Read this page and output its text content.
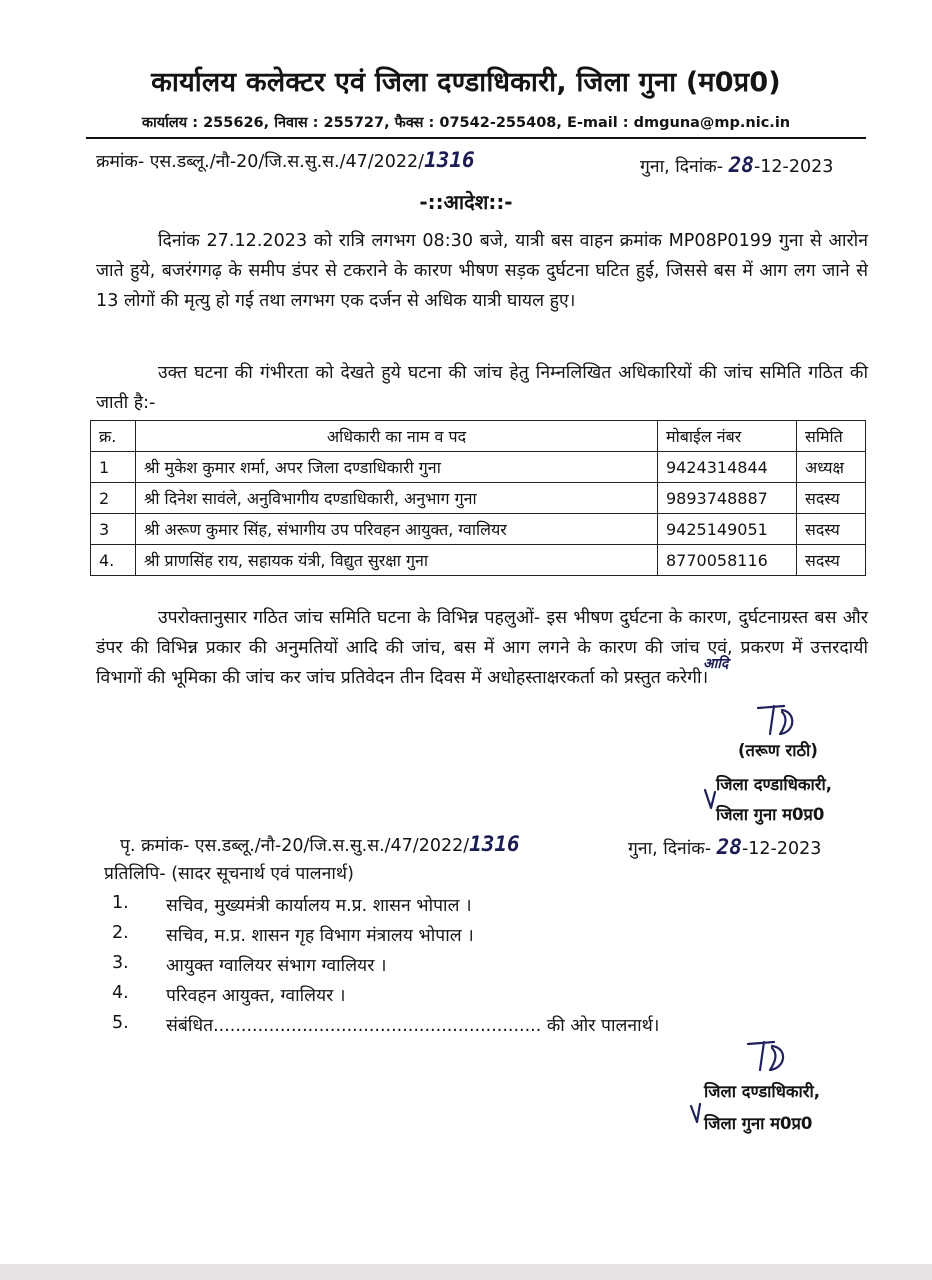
कार्यालय कलेक्टर एवं जिला दण्डाधिकारी, जिला गुना (म0प्र0)
कार्यालय : 255626, निवास : 255727, फैक्स : 07542-255408, E-mail : dmguna@mp.nic.in
क्रमांक- एस.डब्लू./नौ-20/जि.स.सु.स./47/2022/1316	गुना, दिनांक- 28-12-2023
-::आदेश::-
दिनांक 27.12.2023 को रात्रि लगभग 08:30 बजे, यात्री बस वाहन क्रमांक MP08P0199 गुना से आरोन जाते हुये, बजरंगगढ़ के समीप डंपर से टकराने के कारण भीषण सड़क दुर्घटना घटित हुई, जिससे बस में आग लग जाने से 13 लोगों की मृत्यु हो गई तथा लगभग एक दर्जन से अधिक यात्री घायल हुए।
उक्त घटना की गंभीरता को देखते हुये घटना की जांच हेतु निम्नलिखित अधिकारियों की जांच समिति गठित की जाती है:-
क्र.	अधिकारी का नाम व पद	मोबाईल नंबर	समिति
1	श्री मुकेश कुमार शर्मा, अपर जिला दण्डाधिकारी गुना	9424314844	अध्यक्ष
2	श्री दिनेश सावंले, अनुविभागीय दण्डाधिकारी, अनुभाग गुना	9893748887	सदस्य
3	श्री अरूण कुमार सिंह, संभागीय उप परिवहन आयुक्त, ग्वालियर	9425149051	सदस्य
4.	श्री प्राणसिंह राय, सहायक यंत्री, विद्युत सुरक्षा गुना	8770058116	सदस्य
उपरोक्तानुसार गठित जांच समिति घटना के विभिन्न पहलुओं- इस भीषण दुर्घटना के कारण, दुर्घटनाग्रस्त बस और डंपर की विभिन्न प्रकार की अनुमतियों आदि की जांच, बस में आग लगने के कारण की जांच एवं, प्रकरण में उत्तरदायी विभागों की भूमिका की जांच कर जांच प्रतिवेदन तीन दिवस में अधोहस्ताक्षरकर्ता को प्रस्तुत करेगी।
आदि
(तरूण राठी)
जिला दण्डाधिकारी,
जिला गुना म0प्र0
पृ. क्रमांक- एस.डब्लू./नौ-20/जि.स.सु.स./47/2022/1316	गुना, दिनांक- 28-12-2023
प्रतिलिपि- (सादर सूचनार्थ एवं पालनार्थ)
1. सचिव, मुख्यमंत्री कार्यालय म.प्र. शासन भोपाल ।
2. सचिव, म.प्र. शासन गृह विभाग मंत्रालय भोपाल ।
3. आयुक्त ग्वालियर संभाग ग्वालियर ।
4. परिवहन आयुक्त, ग्वालियर ।
5. संबंधित........................................................... की ओर पालनार्थ।
जिला दण्डाधिकारी,
जिला गुना म0प्र0
